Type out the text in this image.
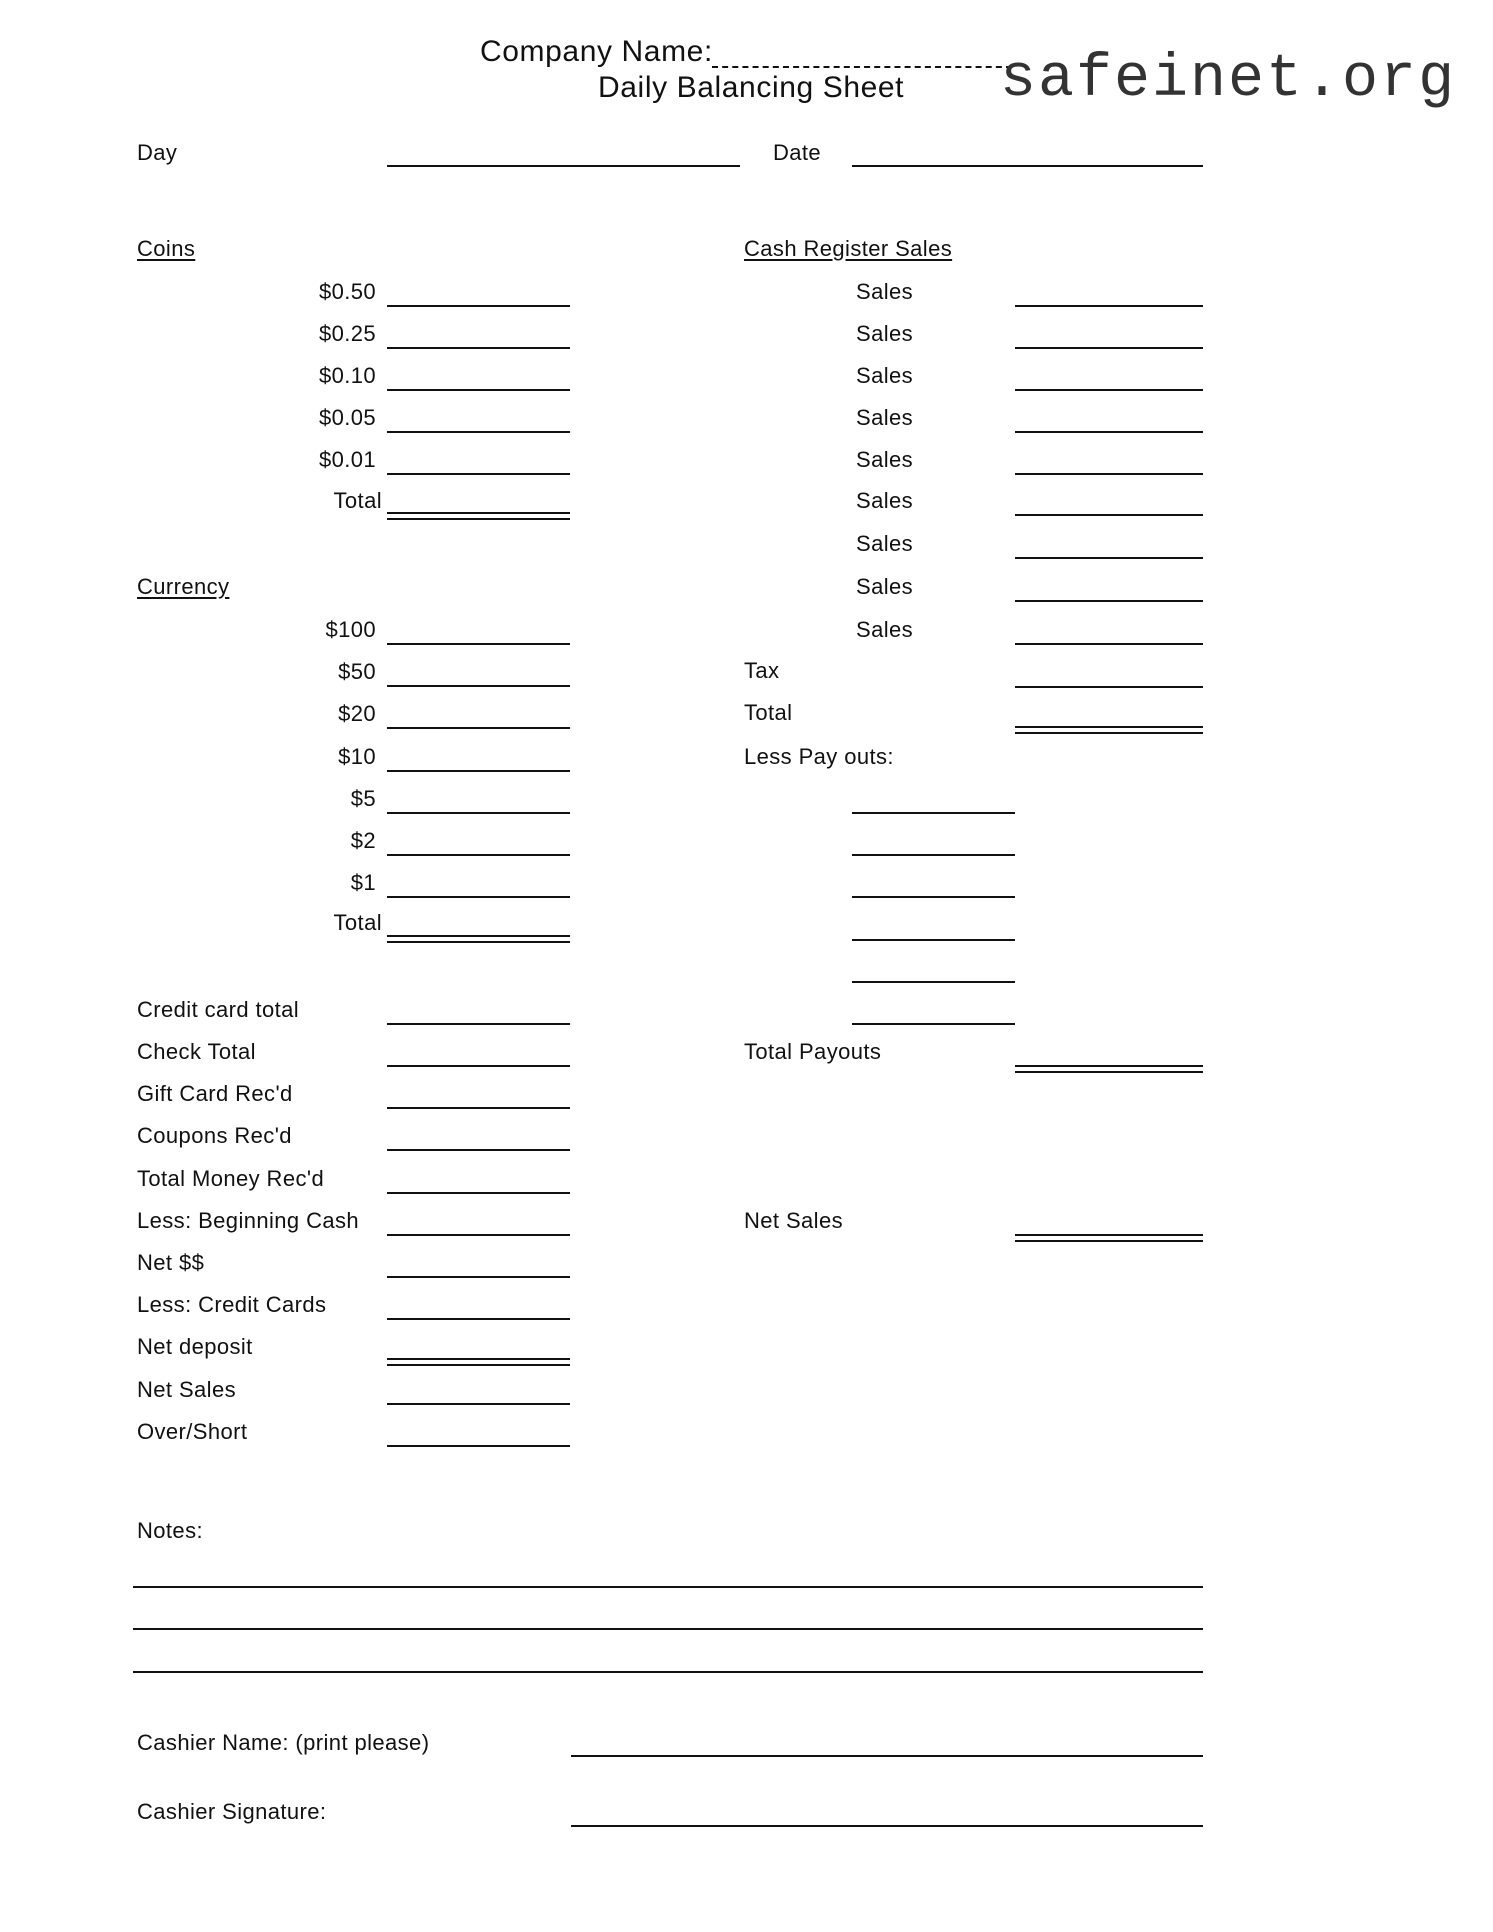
Company Name:
Daily Balancing Sheet safeinet.org
Day	Date
Coins
$0.50
$0.25
$0.10
$0.05
$0.01
Total
Currency
$100
$50
$20
$10
$5
$2
$1
Total
Credit card total
Check Total
Gift Card Rec'd
Coupons Rec'd
Total Money Rec'd
Less: Beginning Cash
Net $$
Less: Credit Cards
Net deposit
Net Sales
Over/Short
Cash Register Sales
Sales
Sales
Sales
Sales
Sales
Sales
Sales
Sales
Sales
Tax
Total
Less Pay outs:
Total Payouts
Net Sales
Notes:
Cashier Name: (print please)
Cashier Signature:
